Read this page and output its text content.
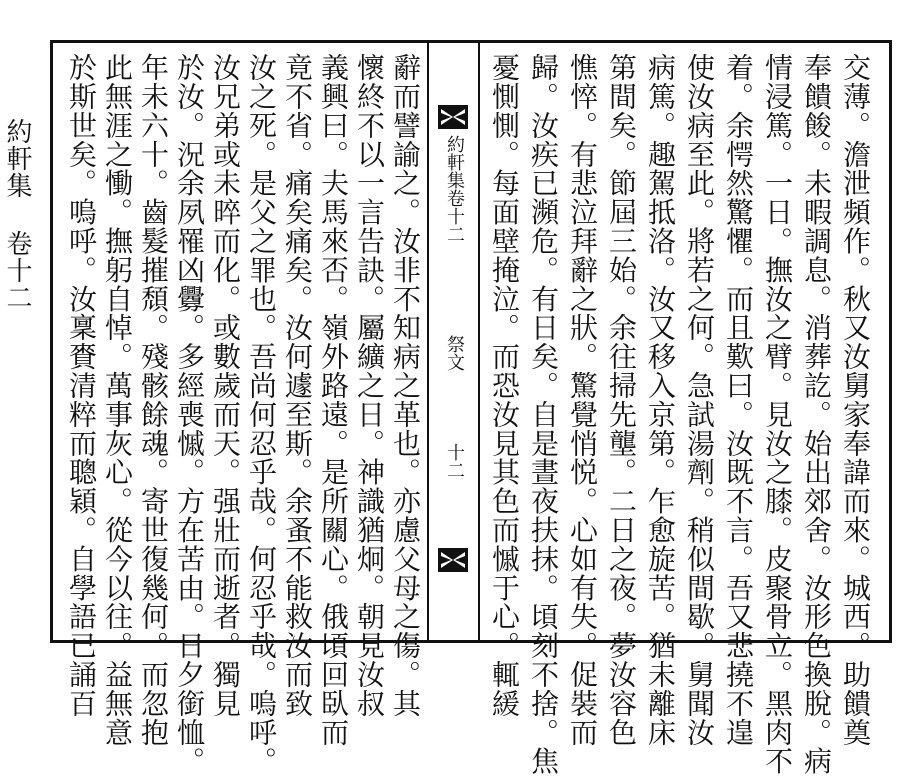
約軒集 卷十二	交薄。澹泄頻作。秋又汝舅家奉諱而來。城西。助饋奠
奉饋餕。未暇調息。消葬訖。始出郊舍。汝形色換脫。病
情浸篤。一日。撫汝之臂。見汝之膝。皮聚骨立。黑肉不
着。余愕然驚懼。而且歎曰。汝既不言。吾又悲撓不遑
使汝病至此。將若之何。急試湯劑。稍似間歇。舅聞汝
病篤。趣駕抵洛。汝又移入京第。乍愈旋苦。猶未離床
第間矣。節屆三始。余往掃先壟。二日之夜。夢汝容色
憔悴。有悲泣拜辭之狀。驚覺悄悦。心如有失。促裝而
歸。汝疾已瀕危。有日矣。自是晝夜扶抹。頃刻不捨。焦
憂惻惻。每面壁掩泣。而恐汝見其色而慽于心。輒緩
約軒集卷十二
祭文
十二
辭而譬諭之。汝非不知病之革也。亦慮父母之傷。其
懷終不以一言告訣。屬纊之日。神識猶炯。朝見汝叔
義興曰。夫馬來否。嶺外路遠。是所關心。俄頃回臥而
竟不省。痛矣痛矣。汝何遽至斯。余蚤不能救汝而致
汝之死。是父之罪也。吾尚何忍乎哉。何忍乎哉。嗚呼。
汝兄弟或未晬而化。或數歲而天。强壯而逝者。獨見
於汝。況余夙罹凶釁。多經喪慽。方在苦由。日夕銜恤。
年未六十。齒髮摧頹。殘骸餘魂。寄世復幾何。而忽抱
此無涯之慟。撫躬自悼。萬事灰心。從今以往。益無意
於斯世矣。嗚呼。汝稟賚清粹而聰穎。自學語已誦百
